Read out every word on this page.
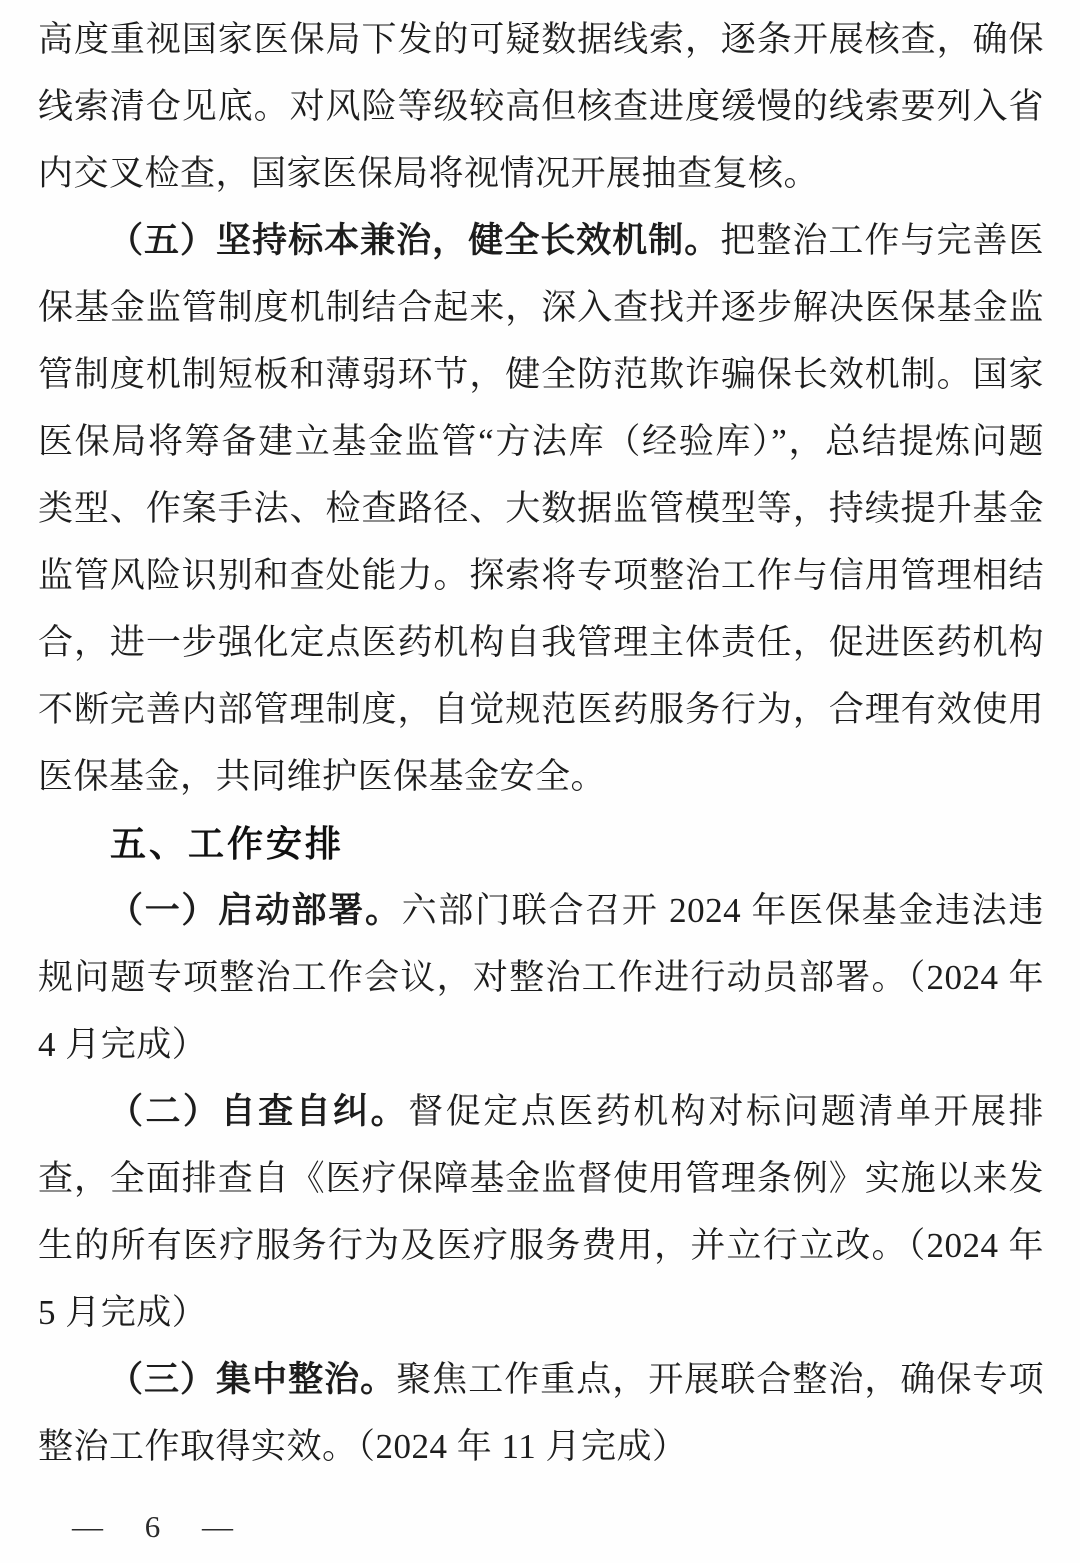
高度重视国家医保局下发的可疑数据线索，逐条开展核查，确保线索清仓见底。对风险等级较高但核查进度缓慢的线索要列入省内交叉检查，国家医保局将视情况开展抽查复核。

（五）坚持标本兼治，健全长效机制。把整治工作与完善医保基金监管制度机制结合起来，深入查找并逐步解决医保基金监管制度机制短板和薄弱环节，健全防范欺诈骗保长效机制。国家医保局将筹备建立基金监管“方法库（经验库）”，总结提炼问题类型、作案手法、检查路径、大数据监管模型等，持续提升基金监管风险识别和查处能力。探索将专项整治工作与信用管理相结合，进一步强化定点医药机构自我管理主体责任，促进医药机构不断完善内部管理制度，自觉规范医药服务行为，合理有效使用医保基金，共同维护医保基金安全。

五、工作安排

（一）启动部署。六部门联合召开 2024 年医保基金违法违规问题专项整治工作会议，对整治工作进行动员部署。（2024 年 4 月完成）

（二）自查自纠。督促定点医药机构对标问题清单开展排查，全面排查自《医疗保障基金监督使用管理条例》实施以来发生的所有医疗服务行为及医疗服务费用，并立行立改。（2024 年 5 月完成）

（三）集中整治。聚焦工作重点，开展联合整治，确保专项整治工作取得实效。（2024 年 11 月完成）

— 6 —
